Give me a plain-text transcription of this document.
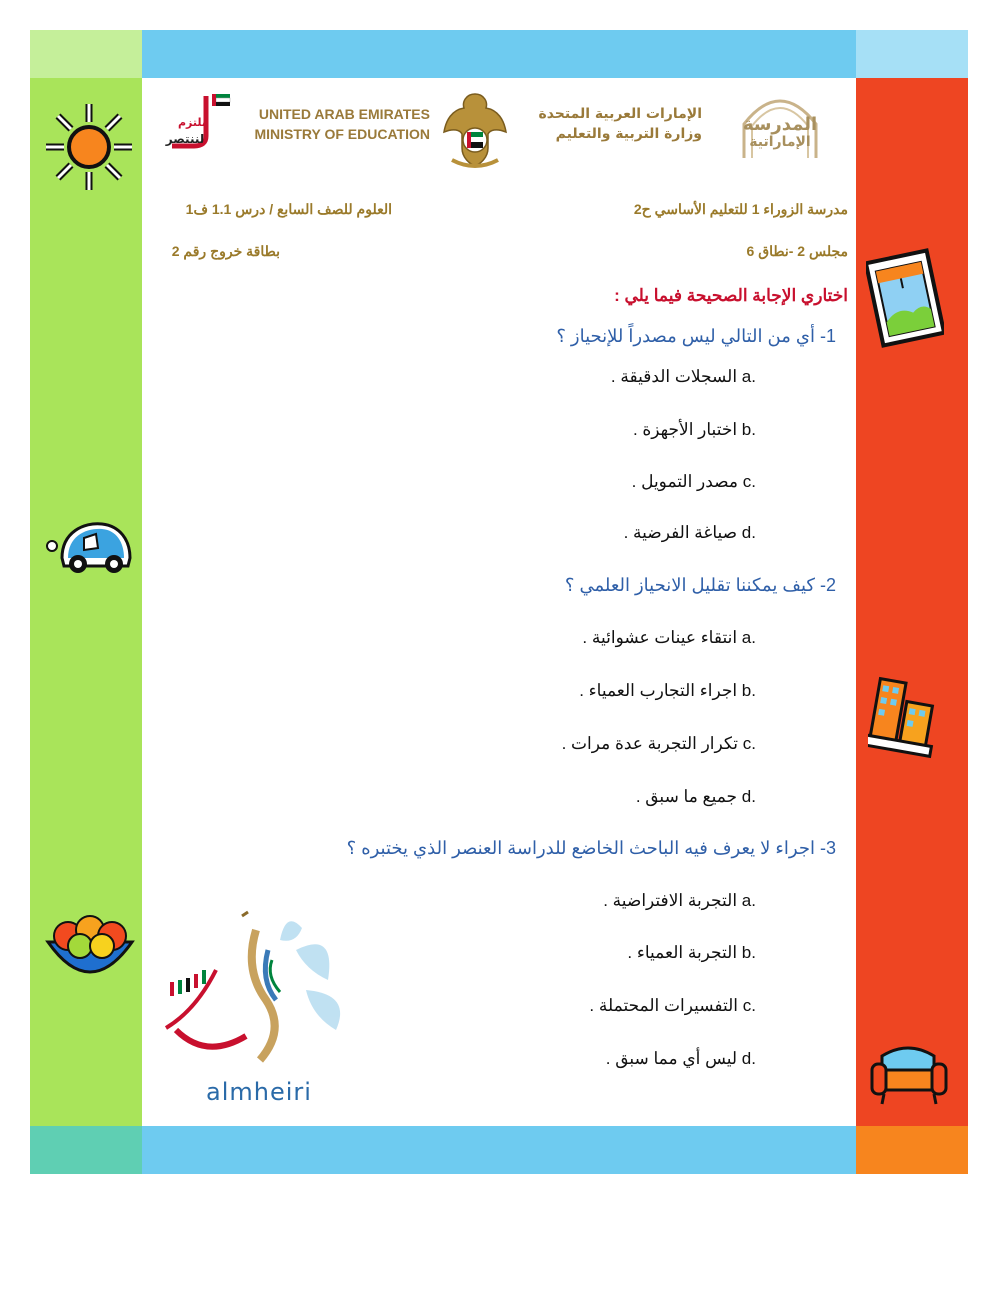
نلتزم
لننتصر
UNITED ARAB EMIRATES
MINISTRY OF EDUCATION
الإمارات العربية المتحدة
وزارة التربية والتعليم	المدرسة
الإماراتية
مدرسة الزوراء 1 للتعليم الأساسي ح2
العلوم للصف السابع / درس 1.1 ف1
مجلس 2 -نطاق 6
بطاقة خروج رقم 2
اختاري الإجابة الصحيحة فيما يلي :
1- أي من التالي ليس مصدراً للإنحياز ؟
.a السجلات الدقيقة .
.b اختبار الأجهزة .
.c مصدر التمويل .
.d صياغة الفرضية .
2- كيف يمكننا تقليل الانحياز العلمي ؟
.a انتقاء عينات عشوائية .
.b اجراء التجارب العمياء .
.c تكرار التجربة عدة مرات .
.d جميع ما سبق .
3- اجراء لا يعرف فيه الباحث الخاضع للدراسة العنصر الذي يختبره ؟
.a التجربة الافتراضية .
.b التجربة العمياء .
.c التفسيرات المحتملة .
.d ليس أي مما سبق .
almheiri
